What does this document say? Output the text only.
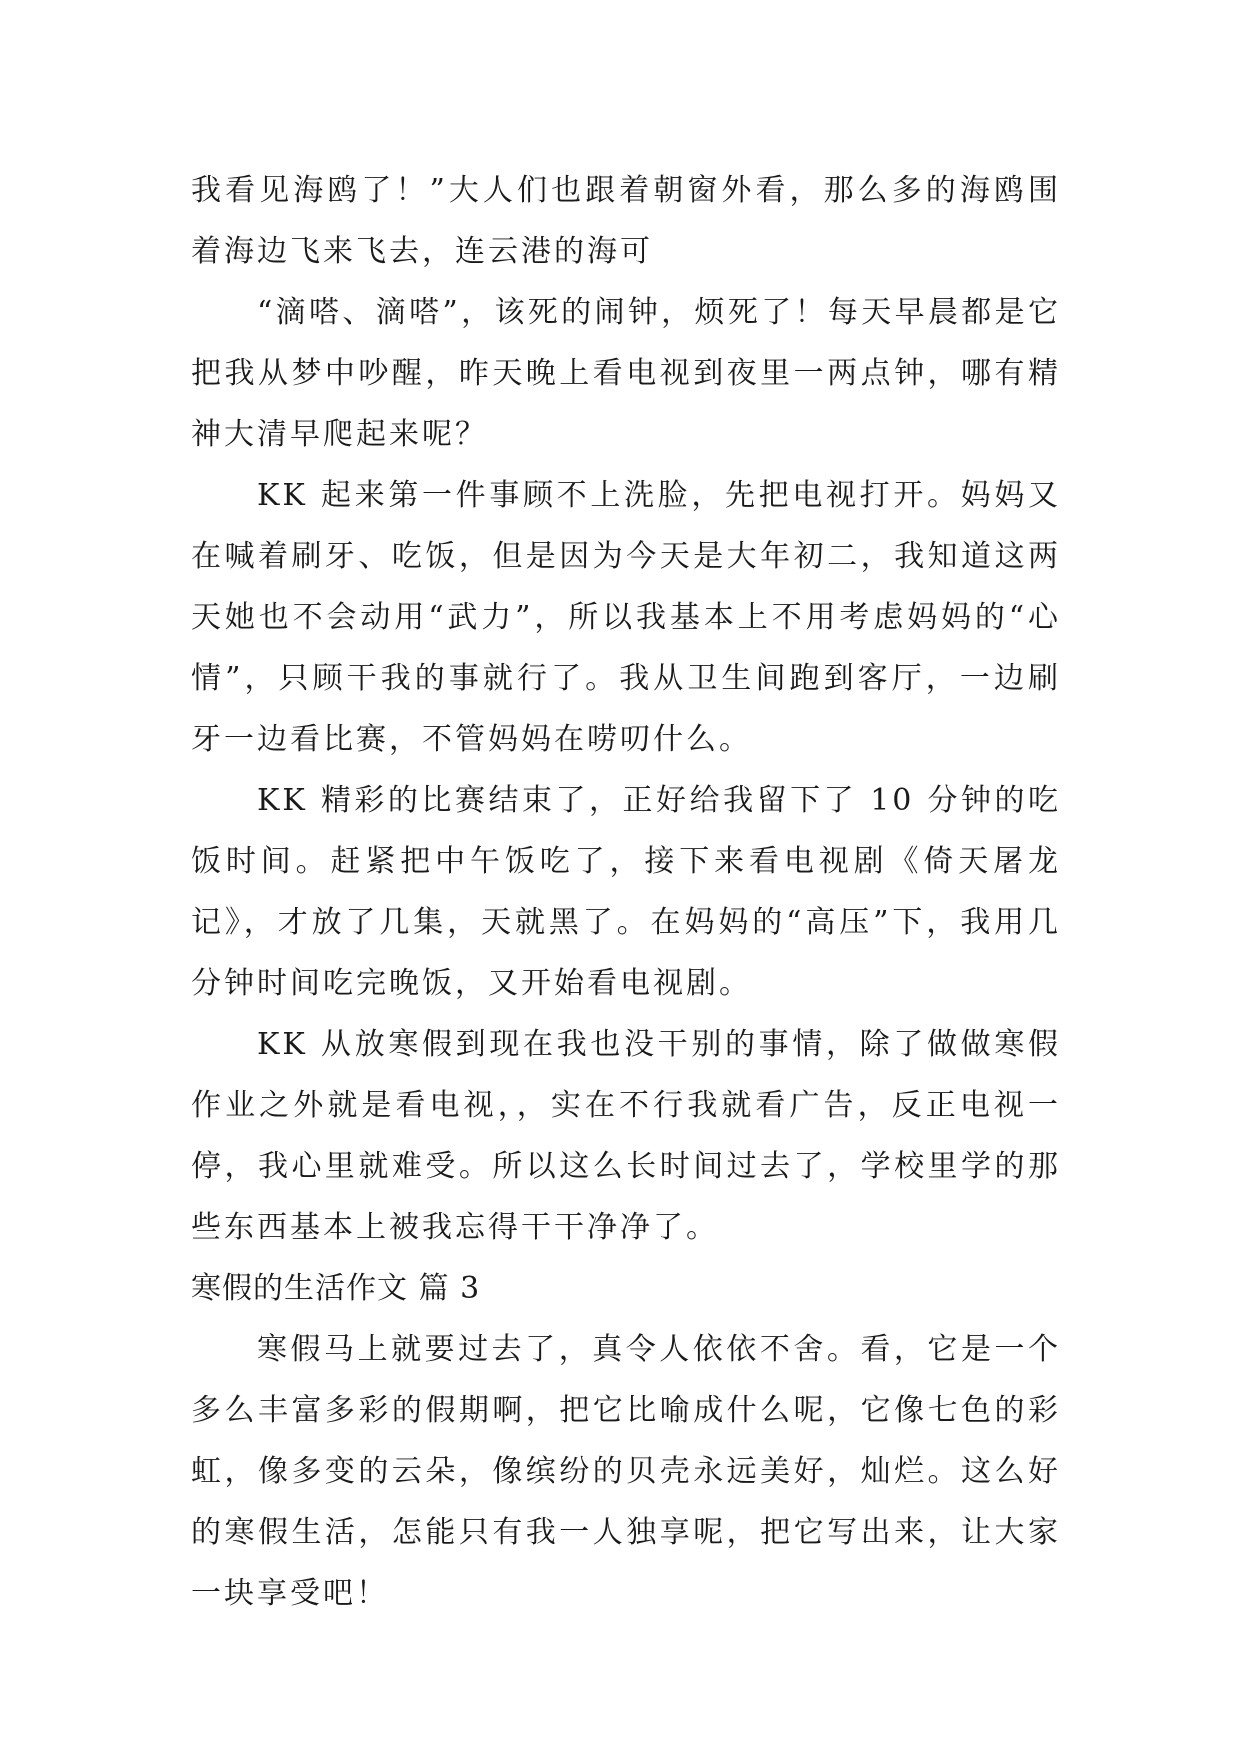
我看见海鸥了！”大人们也跟着朝窗外看，那么多的海鸥围着海边飞来飞去，连云港的海可

“滴嗒、滴嗒”，该死的闹钟，烦死了！每天早晨都是它把我从梦中吵醒，昨天晚上看电视到夜里一两点钟，哪有精神大清早爬起来呢？

KK 起来第一件事顾不上洗脸，先把电视打开。妈妈又在喊着刷牙、吃饭，但是因为今天是大年初二，我知道这两天她也不会动用“武力”，所以我基本上不用考虑妈妈的“心情”，只顾干我的事就行了。我从卫生间跑到客厅，一边刷牙一边看比赛，不管妈妈在唠叨什么。

KK 精彩的比赛结束了，正好给我留下了 10 分钟的吃饭时间。赶紧把中午饭吃了，接下来看电视剧《倚天屠龙记》，才放了几集，天就黑了。在妈妈的“高压”下，我用几分钟时间吃完晚饭，又开始看电视剧。

KK 从放寒假到现在我也没干别的事情，除了做做寒假作业之外就是看电视，，实在不行我就看广告，反正电视一停，我心里就难受。所以这么长时间过去了，学校里学的那些东西基本上被我忘得干干净净了。

寒假的生活作文 篇 3

寒假马上就要过去了，真令人依依不舍。看，它是一个多么丰富多彩的假期啊，把它比喻成什么呢，它像七色的彩虹，像多变的云朵，像缤纷的贝壳永远美好，灿烂。这么好的寒假生活，怎能只有我一人独享呢，把它写出来，让大家一块享受吧！
